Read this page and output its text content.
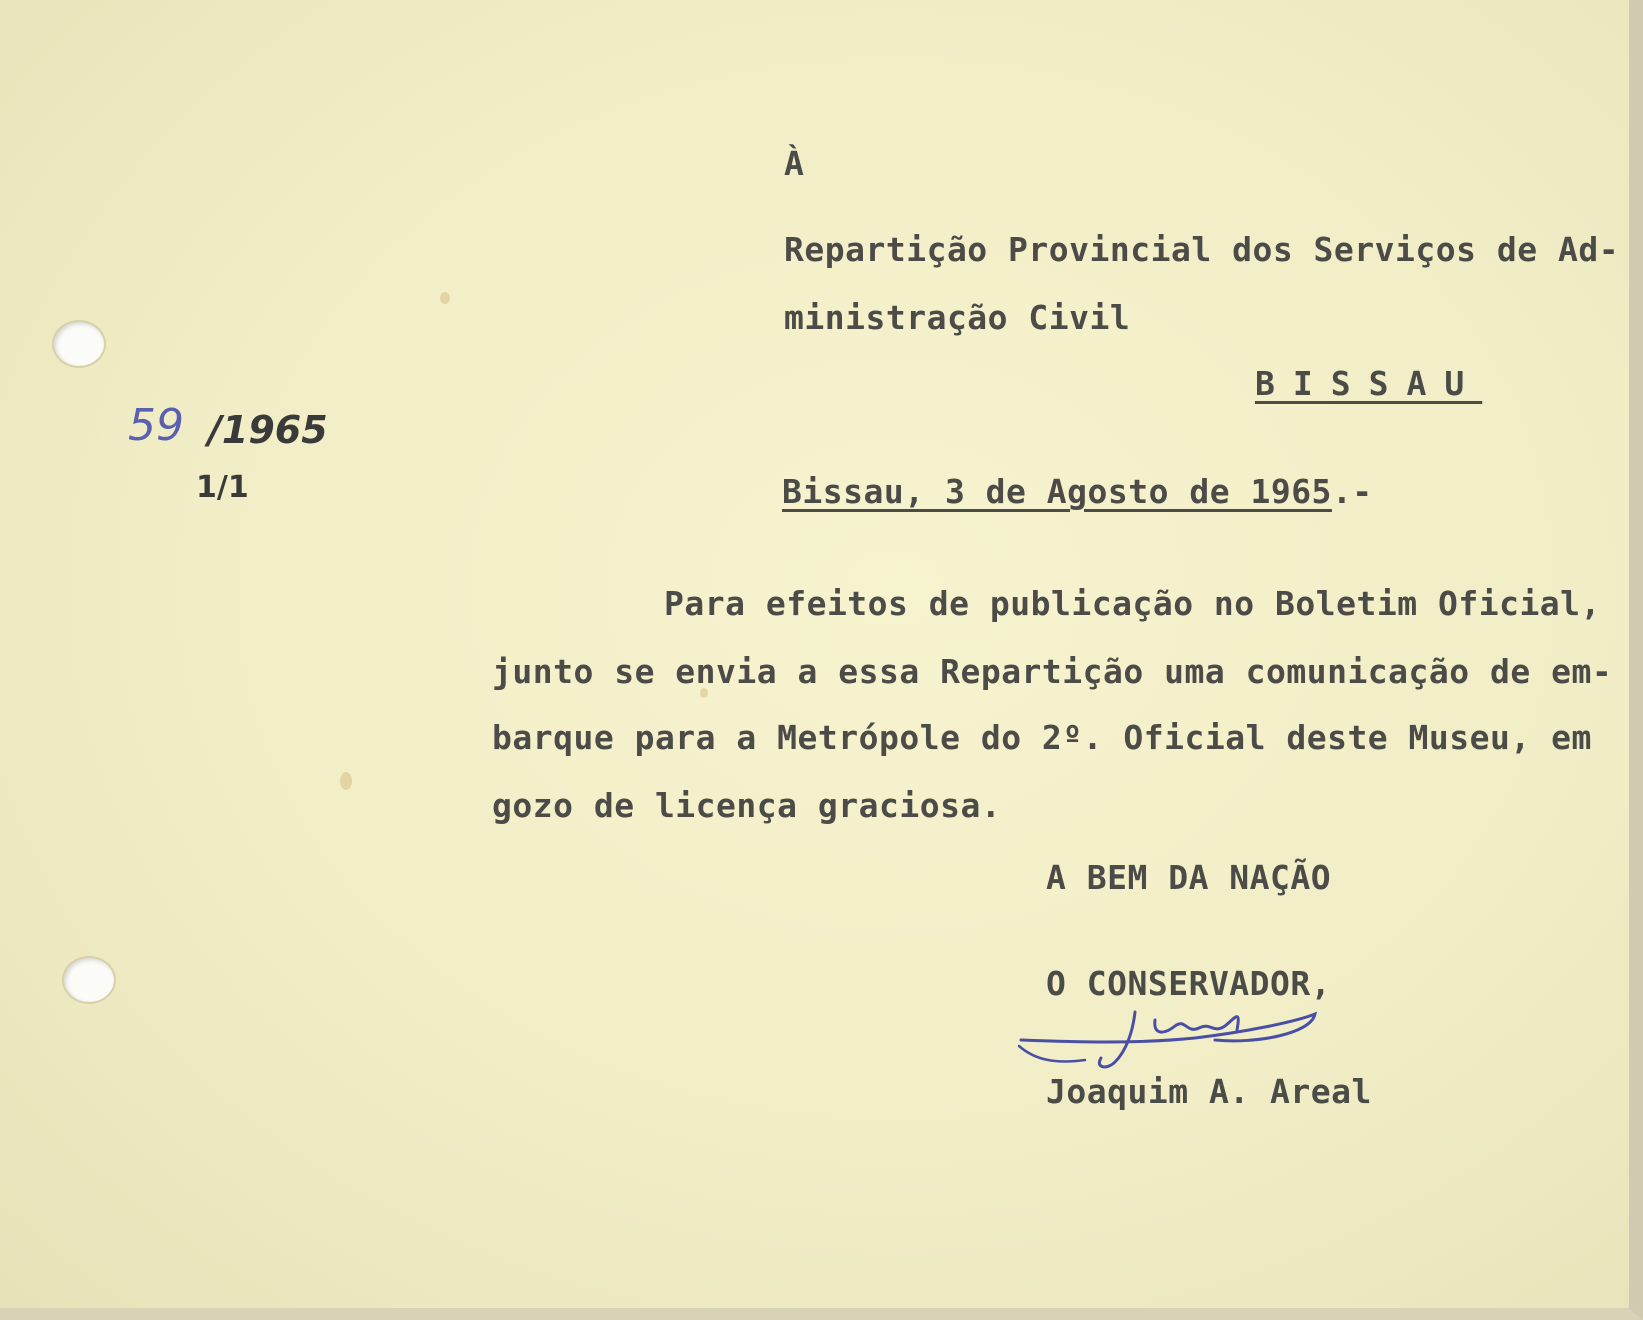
59 /1965
1/1
À
Repartição Provincial dos Serviços de Ad-
ministração Civil
BISSAU
Bissau, 3 de Agosto de 1965.-
Para efeitos de publicação no Boletim Oficial,
junto se envia a essa Repartição uma comunicação de em-
barque para a Metrópole do 2º. Oficial deste Museu, em
gozo de licença graciosa.
A BEM DA NAÇÃO
O CONSERVADOR,
Joaquim A. Areal
